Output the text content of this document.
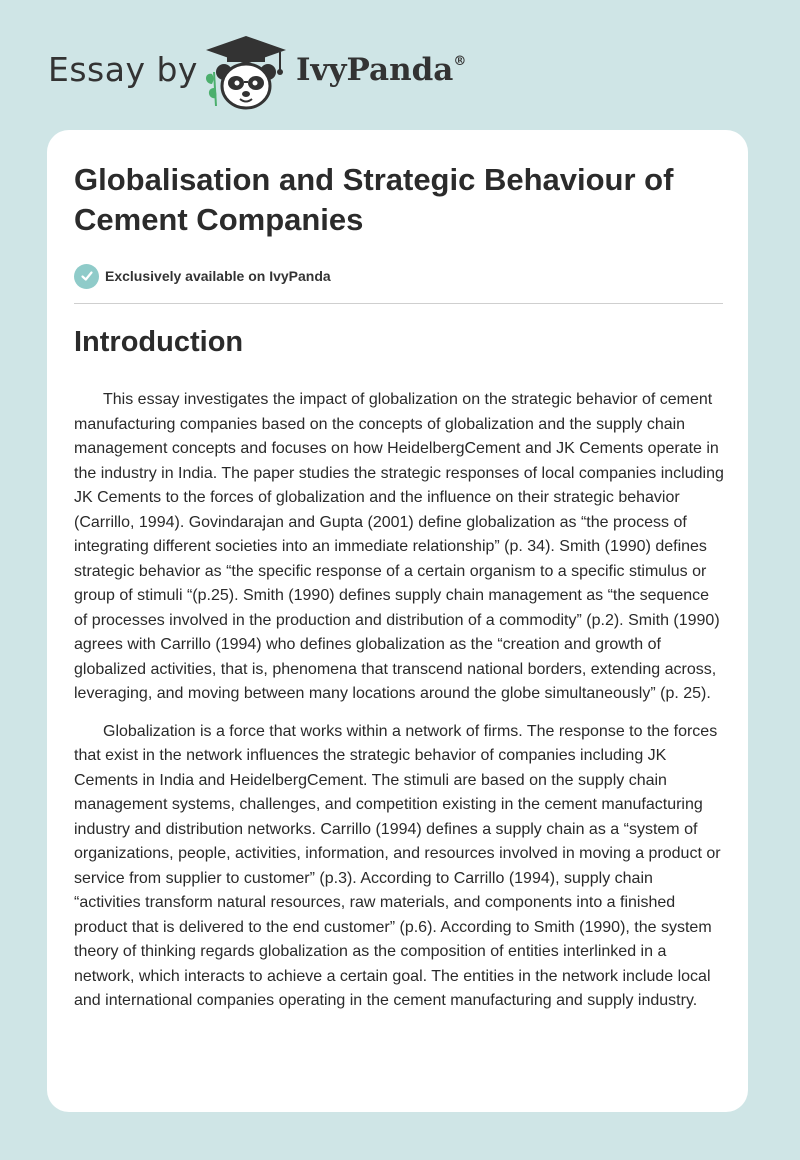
Essay by	IvyPanda®
Globalisation and Strategic Behaviour of Cement Companies
Exclusively available on IvyPanda
Introduction

This essay investigates the impact of globalization on the strategic behavior of cement manufacturing companies based on the concepts of globalization and the supply chain management concepts and focuses on how HeidelbergCement and JK Cements operate in the industry in India. The paper studies the strategic responses of local companies including JK Cements to the forces of globalization and the influence on their strategic behavior (Carrillo, 1994). Govindarajan and Gupta (2001) define globalization as “the process of integrating different societies into an immediate relationship” (p. 34). Smith (1990) defines strategic behavior as “the specific response of a certain organism to a specific stimulus or group of stimuli “(p.25). Smith (1990) defines supply chain management as “the sequence of processes involved in the production and distribution of a commodity” (p.2). Smith (1990) agrees with Carrillo (1994) who defines globalization as the “creation and growth of globalized activities, that is, phenomena that transcend national borders, extending across, leveraging, and moving between many locations around the globe simultaneously” (p. 25).

Globalization is a force that works within a network of firms. The response to the forces that exist in the network influences the strategic behavior of companies including JK Cements in India and HeidelbergCement. The stimuli are based on the supply chain management systems, challenges, and competition existing in the cement manufacturing industry and distribution networks. Carrillo (1994) defines a supply chain as a “system of organizations, people, activities, information, and resources involved in moving a product or service from supplier to customer” (p.3). According to Carrillo (1994), supply chain “activities transform natural resources, raw materials, and components into a finished product that is delivered to the end customer” (p.6). According to Smith (1990), the system theory of thinking regards globalization as the composition of entities interlinked in a network, which interacts to achieve a certain goal. The entities in the network include local and international companies operating in the cement manufacturing and supply industry.
